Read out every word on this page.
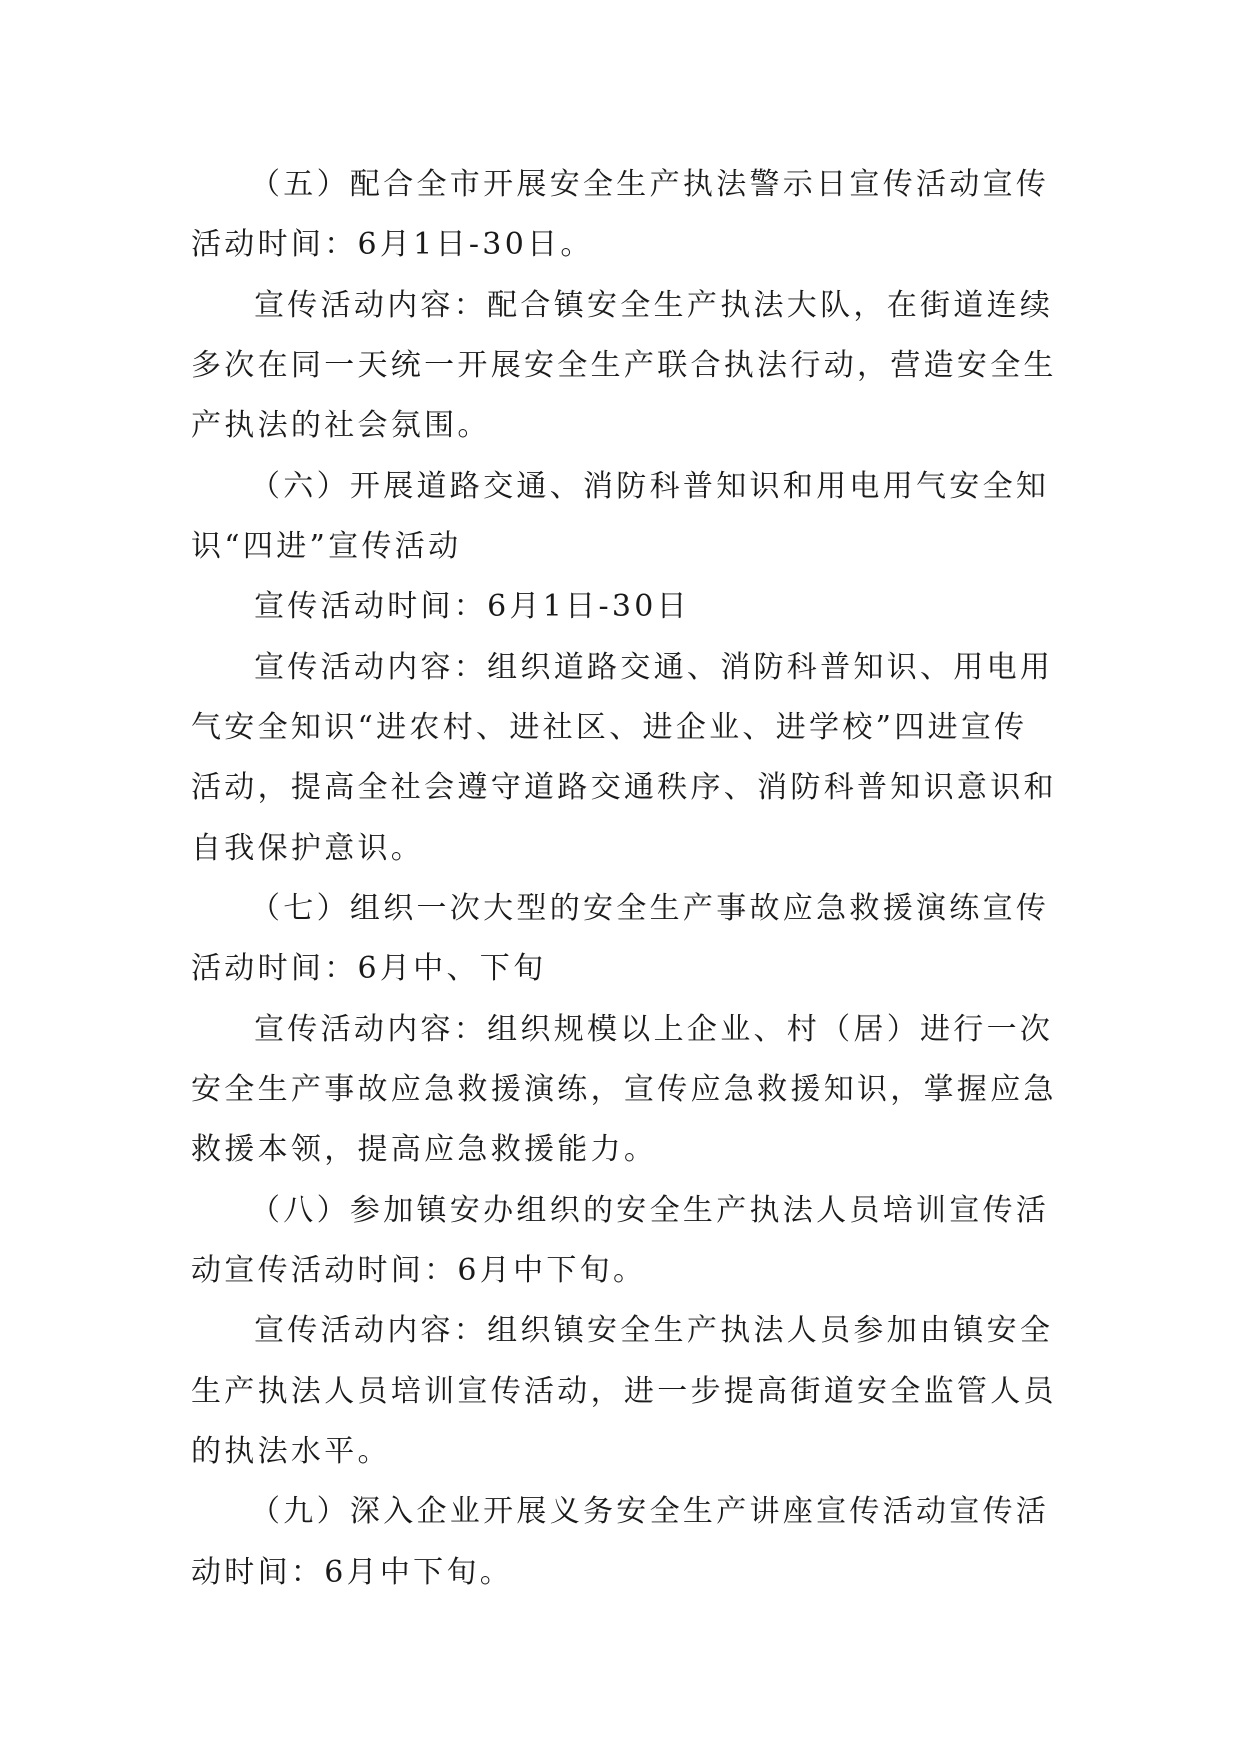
（五）配合全市开展安全生产执法警示日宣传活动宣传
活动时间：6月1日-30日。
宣传活动内容：配合镇安全生产执法大队，在街道连续
多次在同一天统一开展安全生产联合执法行动，营造安全生
产执法的社会氛围。
（六）开展道路交通、消防科普知识和用电用气安全知
识“四进”宣传活动
宣传活动时间：6月1日-30日
宣传活动内容：组织道路交通、消防科普知识、用电用
气安全知识“进农村、进社区、进企业、进学校”四进宣传
活动，提高全社会遵守道路交通秩序、消防科普知识意识和
自我保护意识。
（七）组织一次大型的安全生产事故应急救援演练宣传
活动时间：6月中、下旬
宣传活动内容：组织规模以上企业、村（居）进行一次
安全生产事故应急救援演练，宣传应急救援知识，掌握应急
救援本领，提高应急救援能力。
（八）参加镇安办组织的安全生产执法人员培训宣传活
动宣传活动时间：6月中下旬。
宣传活动内容：组织镇安全生产执法人员参加由镇安全
生产执法人员培训宣传活动，进一步提高街道安全监管人员
的执法水平。
（九）深入企业开展义务安全生产讲座宣传活动宣传活
动时间：6月中下旬。
